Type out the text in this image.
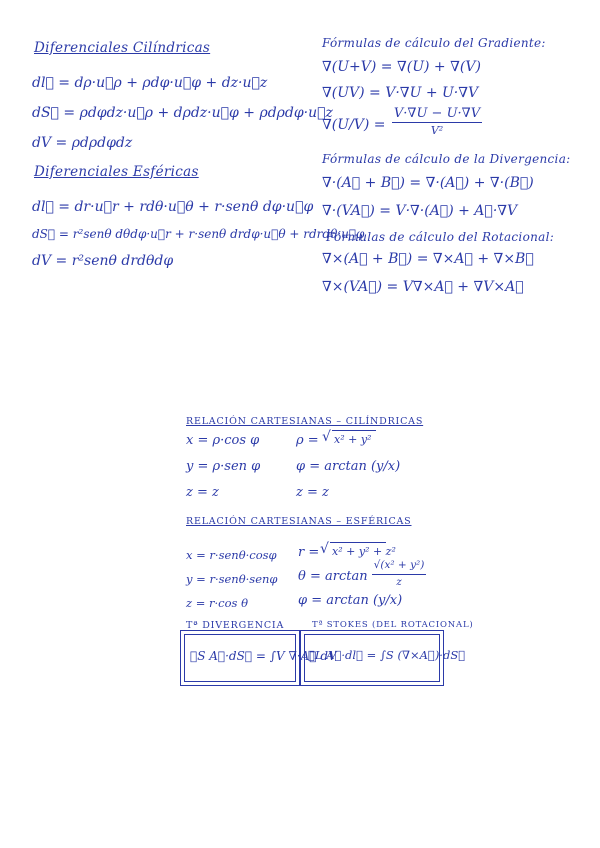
Diferenciales Cilíndricas
dl⃗ = dρ·u⃗ρ + ρdφ·u⃗φ + dz·u⃗z
dS⃗ = ρdφdz·u⃗ρ + dρdz·u⃗φ + ρdρdφ·u⃗z
dV = ρdρdφdz
Diferenciales Esféricas
dl⃗ = dr·u⃗r + rdθ·u⃗θ + r·senθ dφ·u⃗φ
dS⃗ = r²senθ dθdφ·u⃗r + r·senθ drdφ·u⃗θ + rdrdθ·u⃗φ
dV = r²senθ drdθdφ
Fórmulas de cálculo del Gradiente:
∇(U+V) = ∇(U) + ∇(V)
∇(UV) = V·∇U + U·∇V
∇(U/V) =
V·∇U − U·∇V
V²
Fórmulas de cálculo de la Divergencia:
∇·(A⃗ + B⃗) = ∇·(A⃗) + ∇·(B⃗)
∇·(VA⃗) = V·∇·(A⃗) + A⃗·∇V
Fórmulas de cálculo del Rotacional:
∇×(A⃗ + B⃗) = ∇×A⃗ + ∇×B⃗
∇×(VA⃗) = V∇×A⃗ + ∇V×A⃗
RELACIÓN CARTESIANAS – CILÍNDRICAS
x = ρ·cos φ
y = ρ·sen φ
z = z
ρ = √ x² + y²
φ = arctan (y/x)
z = z
RELACIÓN CARTESIANAS – ESFÉRICAS
x = r·senθ·cosφ
y = r·senθ·senφ
z = r·cos θ
r = √ x² + y² + z²
θ = arctan
√(x² + y²)
z
φ = arctan (y/x)
Tª DIVERGENCIA	Tª STOKES (DEL ROTACIONAL)
∮S A⃗·dS⃗ = ∫V ∇·A⃗ dV
∮L A⃗·dl⃗ = ∫S (∇×A⃗)·dS⃗
